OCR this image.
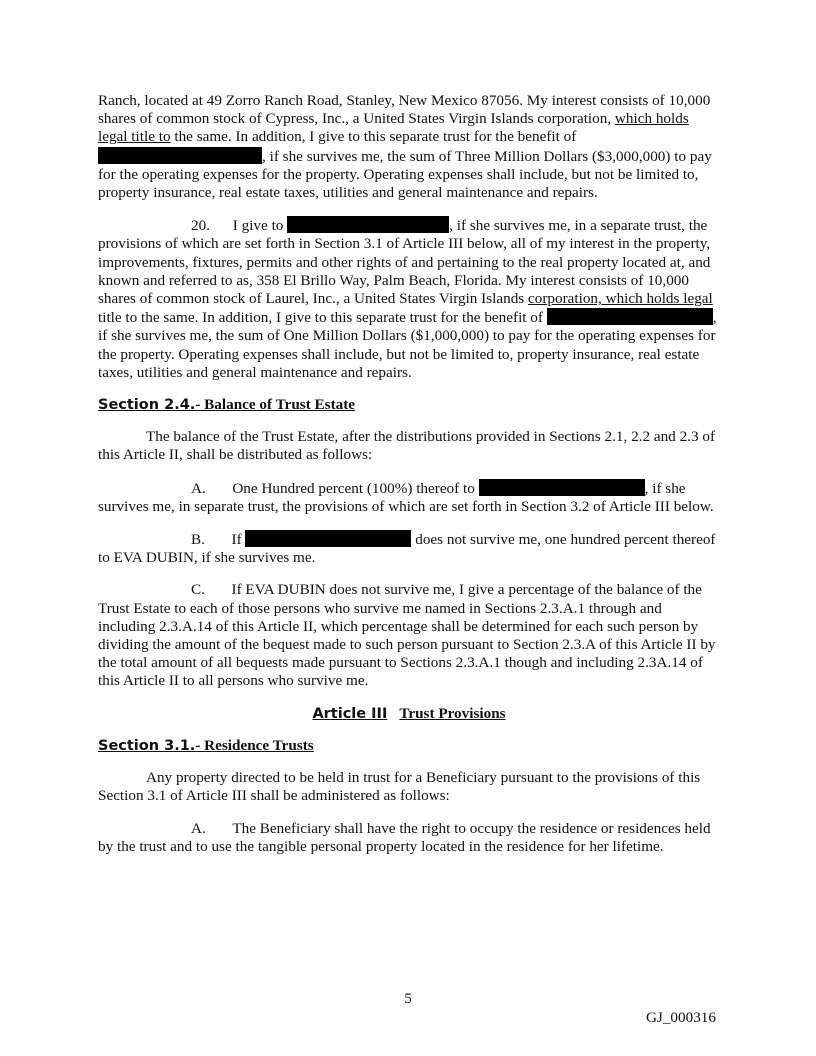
Ranch, located at 49 Zorro Ranch Road, Stanley, New Mexico 87056. My interest consists of 10,000 shares of common stock of Cypress, Inc., a United States Virgin Islands corporation, which holds legal title to the same. In addition, I give to this separate trust for the benefit of , if she survives me, the sum of Three Million Dollars ($3,000,000) to pay for the operating expenses for the property. Operating expenses shall include, but not be limited to, property insurance, real estate taxes, utilities and general maintenance and repairs.

20.      I give to	, if she survives me, in a separate trust, the provisions of which are set forth in Section 3.1 of Article III below, all of my interest in the property, improvements, fixtures, permits and other rights of and pertaining to the real property located at, and known and referred to as, 358 El Brillo Way, Palm Beach, Florida. My interest consists of 10,000 shares of common stock of Laurel, Inc., a United States Virgin Islands corporation, which holds legal title to the same. In addition, I give to this separate trust for the benefit of	, if she survives me, the sum of One Million Dollars ($1,000,000) to pay for the operating expenses for the property. Operating expenses shall include, but not be limited to, property insurance, real estate taxes, utilities and general maintenance and repairs.

Section 2.4.- Balance of Trust Estate

The balance of the Trust Estate, after the distributions provided in Sections 2.1, 2.2 and 2.3 of this Article II, shall be distributed as follows:

A.       One Hundred percent (100%) thereof to	, if she survives me, in separate trust, the provisions of which are set forth in Section 3.2 of Article III below.

B.       If	does not survive me, one hundred percent thereof to EVA DUBIN, if she survives me.

C.       If EVA DUBIN does not survive me, I give a percentage of the balance of the Trust Estate to each of those persons who survive me named in Sections 2.3.A.1 through and including 2.3.A.14 of this Article II, which percentage shall be determined for each such person by dividing the amount of the bequest made to such person pursuant to Section 2.3.A of this Article II by the total amount of all bequests made pursuant to Sections 2.3.A.1 though and including 2.3A.14 of this Article II to all persons who survive me.

Article III Trust Provisions
Section 3.1.- Residence Trusts

Any property directed to be held in trust for a Beneficiary pursuant to the provisions of this Section 3.1 of Article III shall be administered as follows:

A.       The Beneficiary shall have the right to occupy the residence or residences held by the trust and to use the tangible personal property located in the residence for her lifetime.

5
GJ_000316
